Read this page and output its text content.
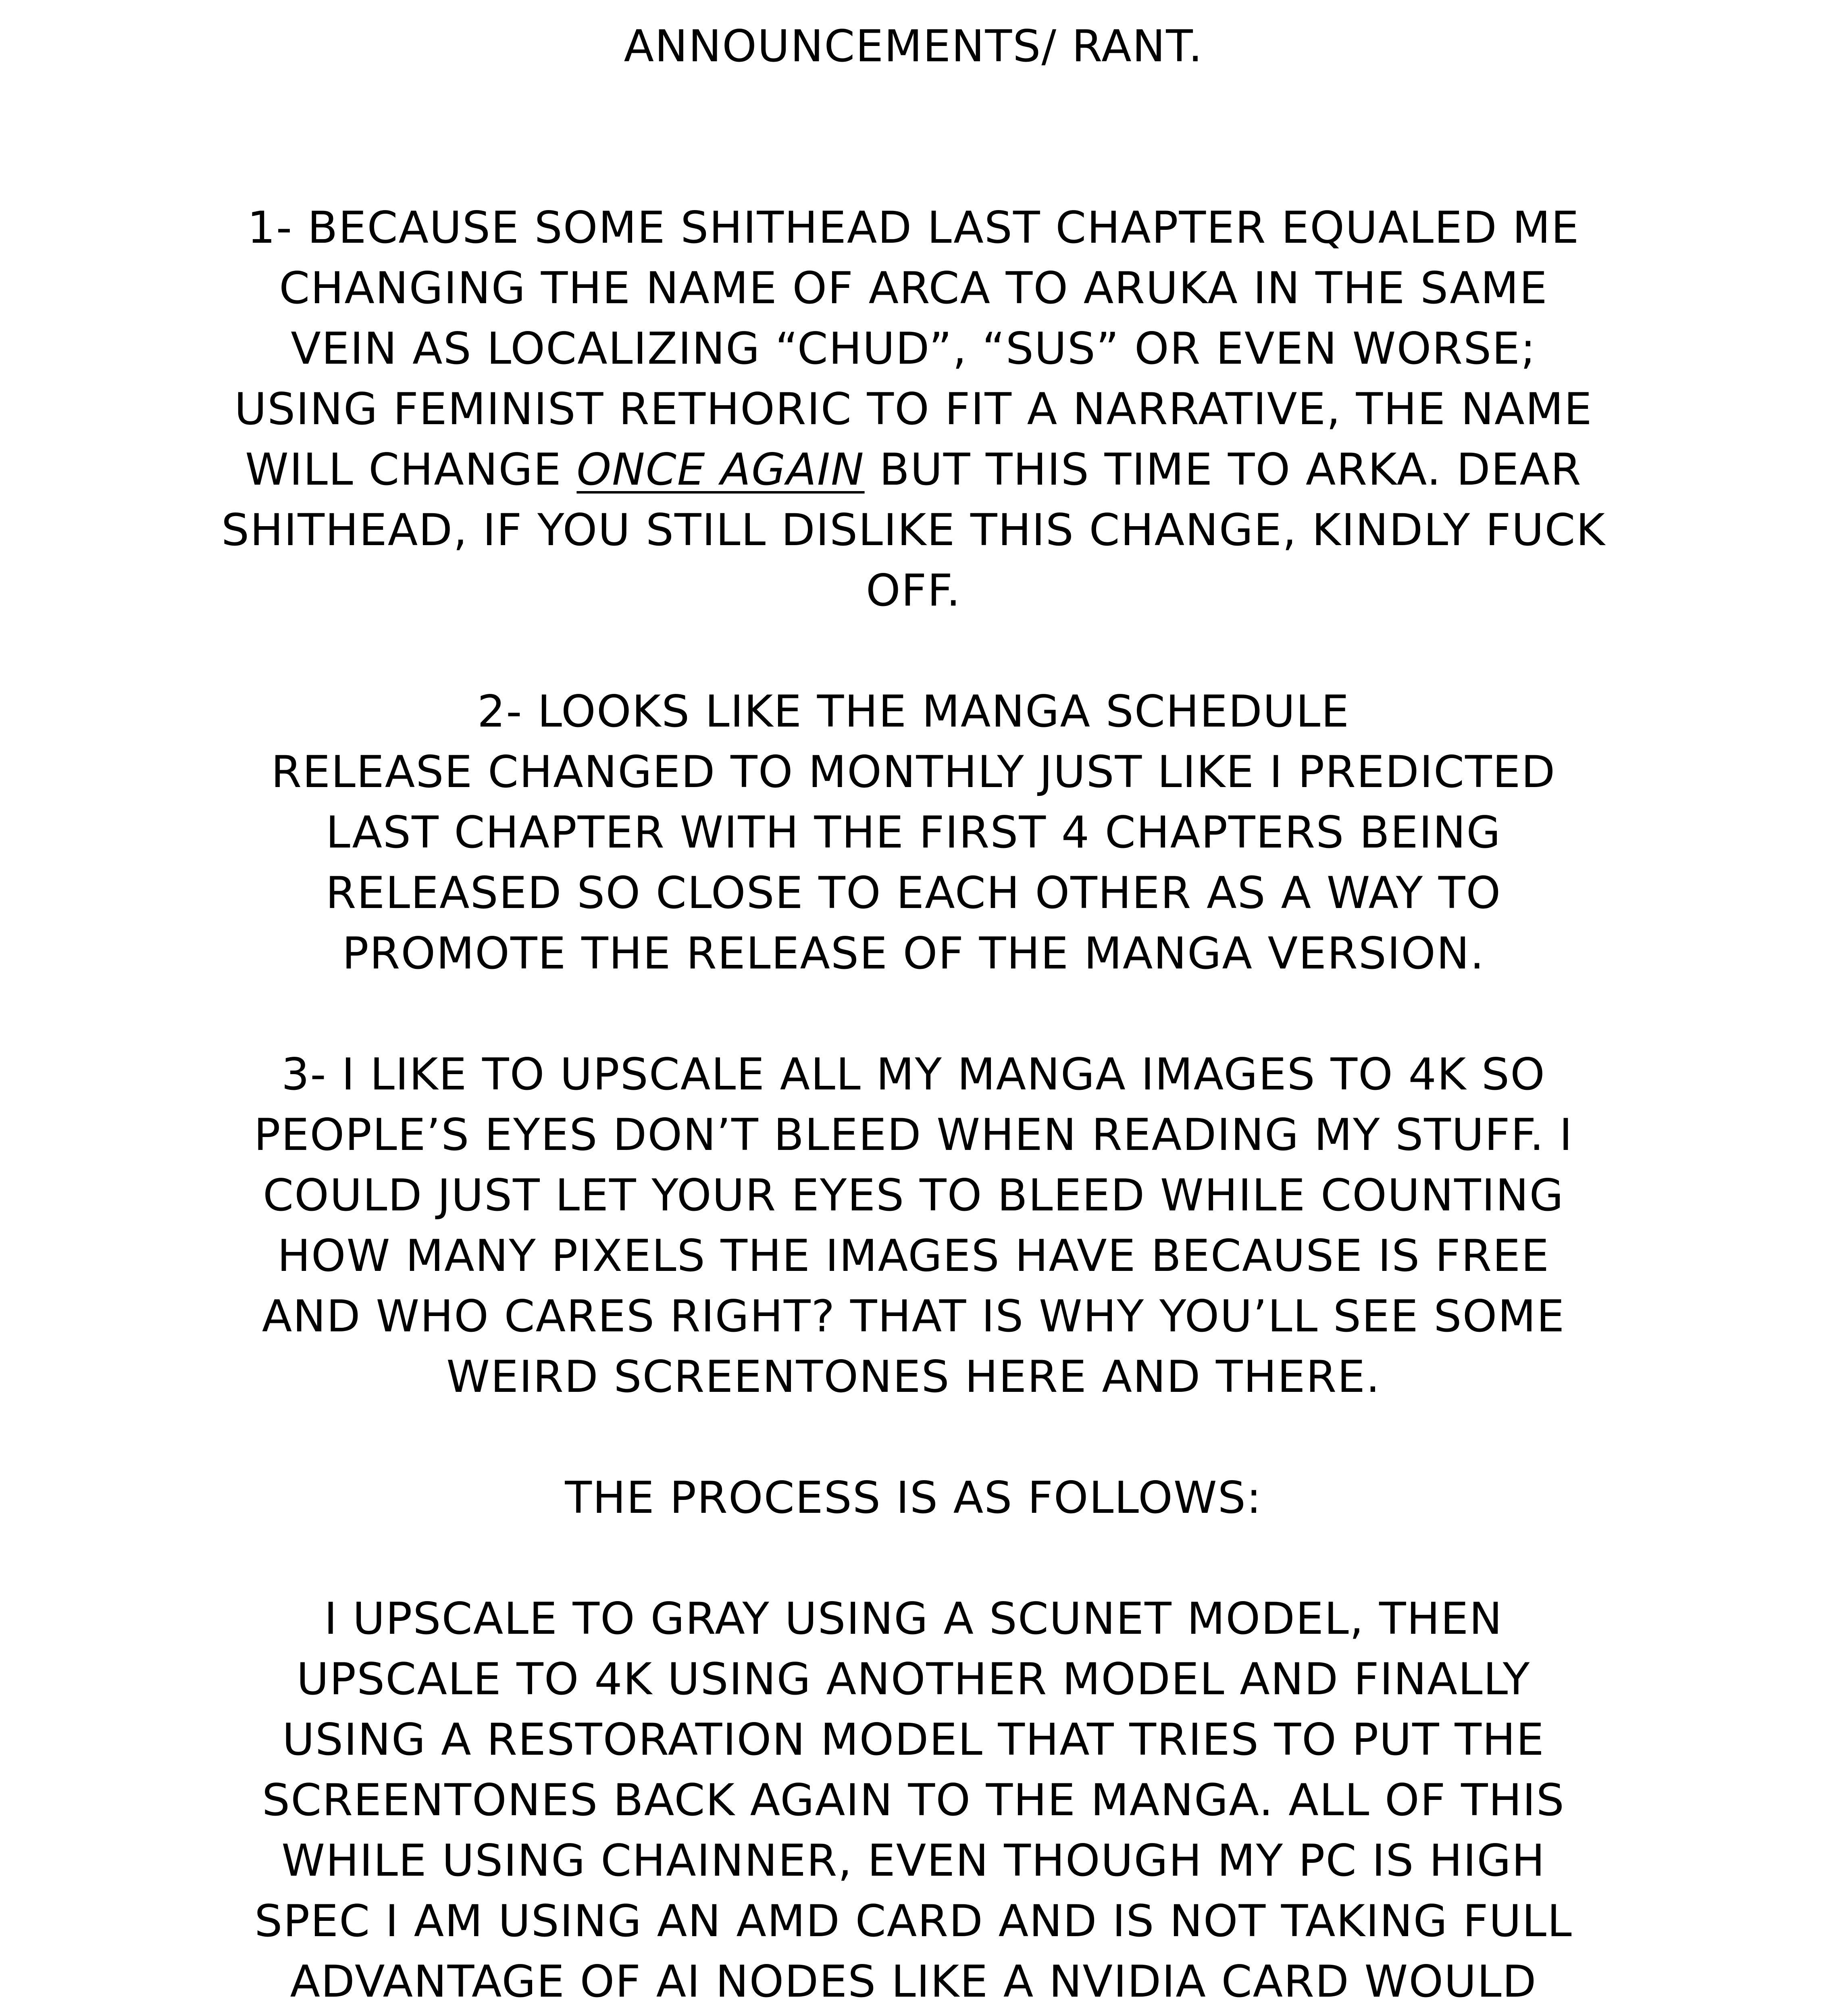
ANNOUNCEMENTS/ RANT.
1- BECAUSE SOME SHITHEAD LAST CHAPTER EQUALED ME
CHANGING THE NAME OF ARCA TO ARUKA IN THE SAME
VEIN AS LOCALIZING “CHUD”, “SUS” OR EVEN WORSE;
USING FEMINIST RETHORIC TO FIT A NARRATIVE, THE NAME
WILL CHANGE ONCE AGAIN BUT THIS TIME TO ARKA. DEAR
SHITHEAD, IF YOU STILL DISLIKE THIS CHANGE, KINDLY FUCK
OFF.
2- LOOKS LIKE THE MANGA SCHEDULE
RELEASE CHANGED TO MONTHLY JUST LIKE I PREDICTED
LAST CHAPTER WITH THE FIRST 4 CHAPTERS BEING
RELEASED SO CLOSE TO EACH OTHER AS A WAY TO
PROMOTE THE RELEASE OF THE MANGA VERSION.
3- I LIKE TO UPSCALE ALL MY MANGA IMAGES TO 4K SO
PEOPLE’S EYES DON’T BLEED WHEN READING MY STUFF. I
COULD JUST LET YOUR EYES TO BLEED WHILE COUNTING
HOW MANY PIXELS THE IMAGES HAVE BECAUSE IS FREE
AND WHO CARES RIGHT? THAT IS WHY YOU’LL SEE SOME
WEIRD SCREENTONES HERE AND THERE.
THE PROCESS IS AS FOLLOWS:
I UPSCALE TO GRAY USING A SCUNET MODEL, THEN
UPSCALE TO 4K USING ANOTHER MODEL AND FINALLY
USING A RESTORATION MODEL THAT TRIES TO PUT THE
SCREENTONES BACK AGAIN TO THE MANGA. ALL OF THIS
WHILE USING CHAINNER, EVEN THOUGH MY PC IS HIGH
SPEC I AM USING AN AMD CARD AND IS NOT TAKING FULL
ADVANTAGE OF AI NODES LIKE A NVIDIA CARD WOULD
